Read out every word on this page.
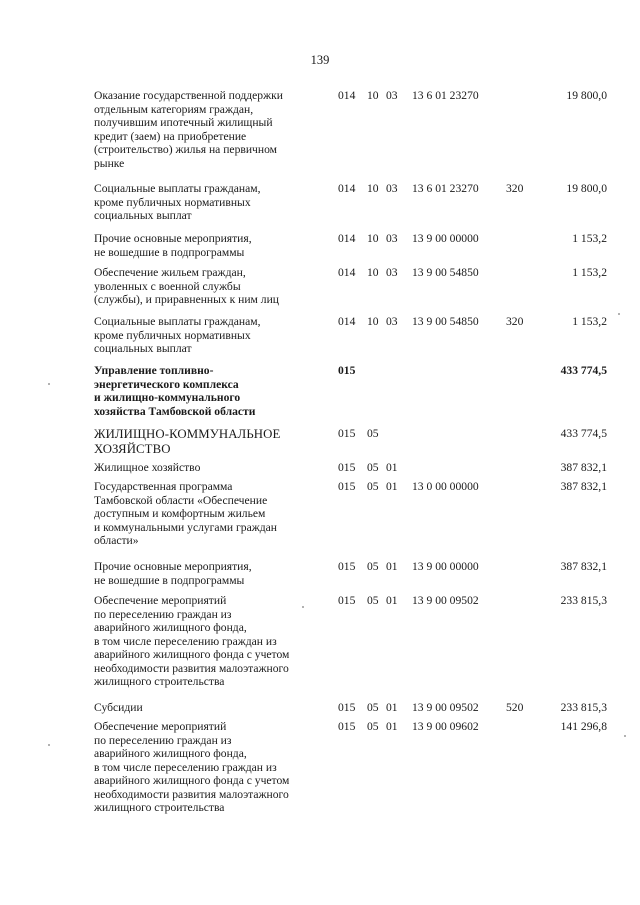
139
Оказание государственной поддержки
отдельным категориям граждан,
получившим ипотечный жилищный
кредит (заем) на приобретение
(строительство) жилья на первичном
рынке
014 10 03 13 6 01 23270	19 800,0
Социальные выплаты гражданам,
кроме публичных нормативных
социальных выплат
014 10 03 13 6 01 23270 320	19 800,0
Прочие основные мероприятия,
не вошедшие в подпрограммы
014 10 03 13 9 00 00000	1 153,2
Обеспечение жильем граждан,
уволенных с военной службы
(службы), и приравненных к ним лиц
014 10 03 13 9 00 54850	1 153,2
Социальные выплаты гражданам,
кроме публичных нормативных
социальных выплат
014 10 03 13 9 00 54850 320	1 153,2
Управление топливно-
энергетического комплекса
и жилищно-коммунального
хозяйства Тамбовской области
015	433 774,5
ЖИЛИЩНО-КОММУНАЛЬНОЕ
ХОЗЯЙСТВО
015 05	433 774,5
Жилищное хозяйство	015 05 01	387 832,1
Государственная программа
Тамбовской области «Обеспечение
доступным и комфортным жильем
и коммунальными услугами граждан
области»
015 05 01 13 0 00 00000	387 832,1
Прочие основные мероприятия,
не вошедшие в подпрограммы
015 05 01 13 9 00 00000	387 832,1
Обеспечение мероприятий
по переселению граждан из
аварийного жилищного фонда,
в том числе переселению граждан из
аварийного жилищного фонда с учетом
необходимости развития малоэтажного
жилищного строительства
015 05 01 13 9 00 09502	233 815,3
Субсидии	015 05 01 13 9 00 09502 520	233 815,3
Обеспечение мероприятий
по переселению граждан из
аварийного жилищного фонда,
в том числе переселению граждан из
аварийного жилищного фонда с учетом
необходимости развития малоэтажного
жилищного строительства
015 05 01 13 9 00 09602	141 296,8
